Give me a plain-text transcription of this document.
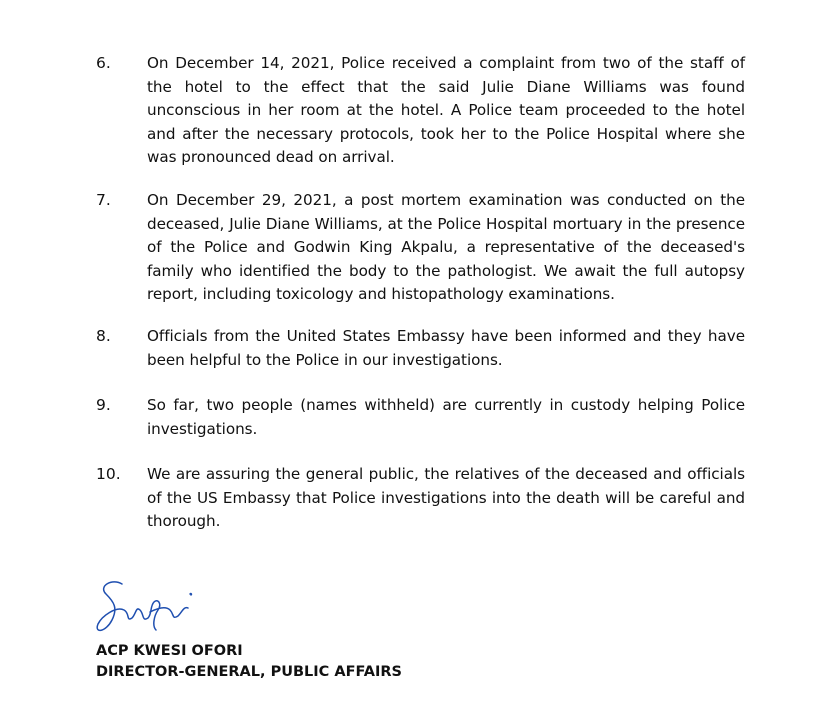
6.	On December 14, 2021, Police received a complaint from two of the staff of the hotel to the effect that the said Julie Diane Williams was found unconscious in her room at the hotel. A Police team proceeded to the hotel and after the necessary protocols, took her to the Police Hospital where she was pronounced dead on arrival.
7.	On December 29, 2021, a post mortem examination was conducted on the deceased, Julie Diane Williams, at the Police Hospital mortuary in the presence of the Police and Godwin King Akpalu, a representative of the deceased's family who identified the body to the pathologist. We await the full autopsy report, including toxicology and histopathology examinations.
8.	Officials from the United States Embassy have been informed and they have been helpful to the Police in our investigations.
9.	So far, two people (names withheld) are currently in custody helping Police investigations.
10.	We are assuring the general public, the relatives of the deceased and officials of the US Embassy that Police investigations into the death will be careful and thorough.
ACP KWESI OFORI
DIRECTOR-GENERAL, PUBLIC AFFAIRS
